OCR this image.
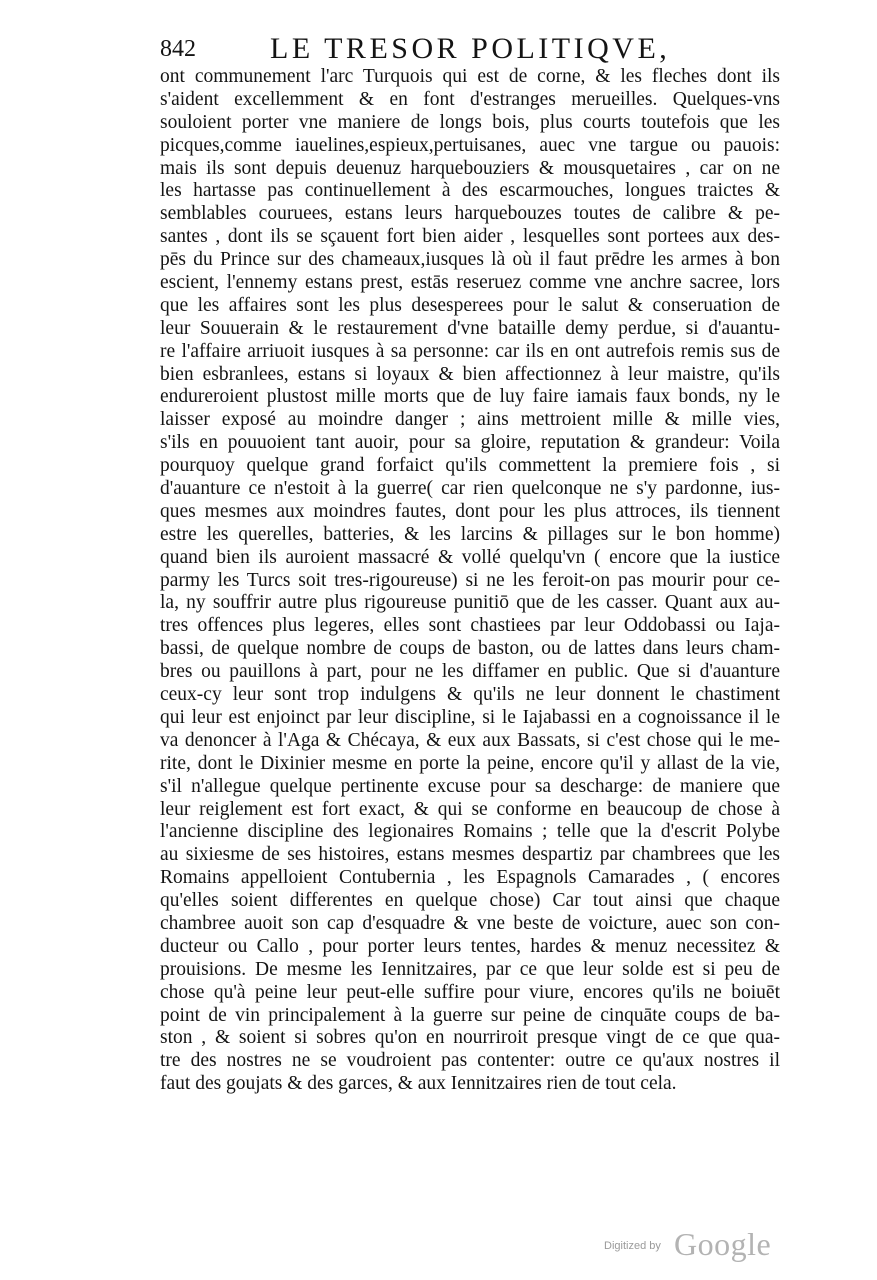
842 LE TRESOR POLITIQVE,
ont communement l'arc Turquois qui est de corne, & les fleches dont ils
s'aident excellemment & en font d'estranges merueilles. Quelques-vns
souloient porter vne maniere de longs bois, plus courts toutefois que les
picques,comme iauelines,espieux,pertuisanes, auec vne targue ou pauois:
mais ils sont depuis deuenuz harquebouziers & mousquetaires , car on ne
les hartasse pas continuellement à des escarmouches, longues traictes &
semblables couruees, estans leurs harquebouzes toutes de calibre & pe-
santes , dont ils se sçauent fort bien aider , lesquelles sont portees aux des-
pēs du Prince sur des chameaux,iusques là où il faut prēdre les armes à bon
escient, l'ennemy estans prest, estās reseruez comme vne anchre sacree, lors
que les affaires sont les plus desesperees pour le salut & conseruation de
leur Souuerain & le restaurement d'vne bataille demy perdue, si d'auantu-
re l'affaire arriuoit iusques à sa personne: car ils en ont autrefois remis sus de
bien esbranlees, estans si loyaux & bien affectionnez à leur maistre, qu'ils
endureroient plustost mille morts que de luy faire iamais faux bonds, ny le
laisser exposé au moindre danger ; ains mettroient mille & mille vies,
s'ils en pouuoient tant auoir, pour sa gloire, reputation & grandeur: Voila
pourquoy quelque grand forfaict qu'ils commettent la premiere fois , si
d'auanture ce n'estoit à la guerre( car rien quelconque ne s'y pardonne, ius-
ques mesmes aux moindres fautes, dont pour les plus attroces, ils tiennent
estre les querelles, batteries, & les larcins & pillages sur le bon homme)
quand bien ils auroient massacré & vollé quelqu'vn ( encore que la iustice
parmy les Turcs soit tres-rigoureuse) si ne les feroit-on pas mourir pour ce-
la, ny souffrir autre plus rigoureuse punitiō que de les casser. Quant aux au-
tres offences plus legeres, elles sont chastiees par leur Oddobassi ou Iaja-
bassi, de quelque nombre de coups de baston, ou de lattes dans leurs cham-
bres ou pauillons à part, pour ne les diffamer en public. Que si d'auanture
ceux-cy leur sont trop indulgens & qu'ils ne leur donnent le chastiment
qui leur est enjoinct par leur discipline, si le Iajabassi en a cognoissance il le
va denoncer à l'Aga & Chécaya, & eux aux Bassats, si c'est chose qui le me-
rite, dont le Dixinier mesme en porte la peine, encore qu'il y allast de la vie,
s'il n'allegue quelque pertinente excuse pour sa descharge: de maniere que
leur reiglement est fort exact, & qui se conforme en beaucoup de chose à
l'ancienne discipline des legionaires Romains ; telle que la d'escrit Polybe
au sixiesme de ses histoires, estans mesmes despartiz par chambrees que les
Romains appelloient Contubernia , les Espagnols Camarades , ( encores
qu'elles soient differentes en quelque chose) Car tout ainsi que chaque
chambree auoit son cap d'esquadre & vne beste de voicture, auec son con-
ducteur ou Callo , pour porter leurs tentes, hardes & menuz necessitez &
prouisions. De mesme les Iennitzaires, par ce que leur solde est si peu de
chose qu'à peine leur peut-elle suffire pour viure, encores qu'ils ne boiuēt
point de vin principalement à la guerre sur peine de cinquāte coups de ba-
ston , & soient si sobres qu'on en nourriroit presque vingt de ce que qua-
tre des nostres ne se voudroient pas contenter: outre ce qu'aux nostres il
faut des goujats & des garces, & aux Iennitzaires rien de tout cela.
Digitized by Google
